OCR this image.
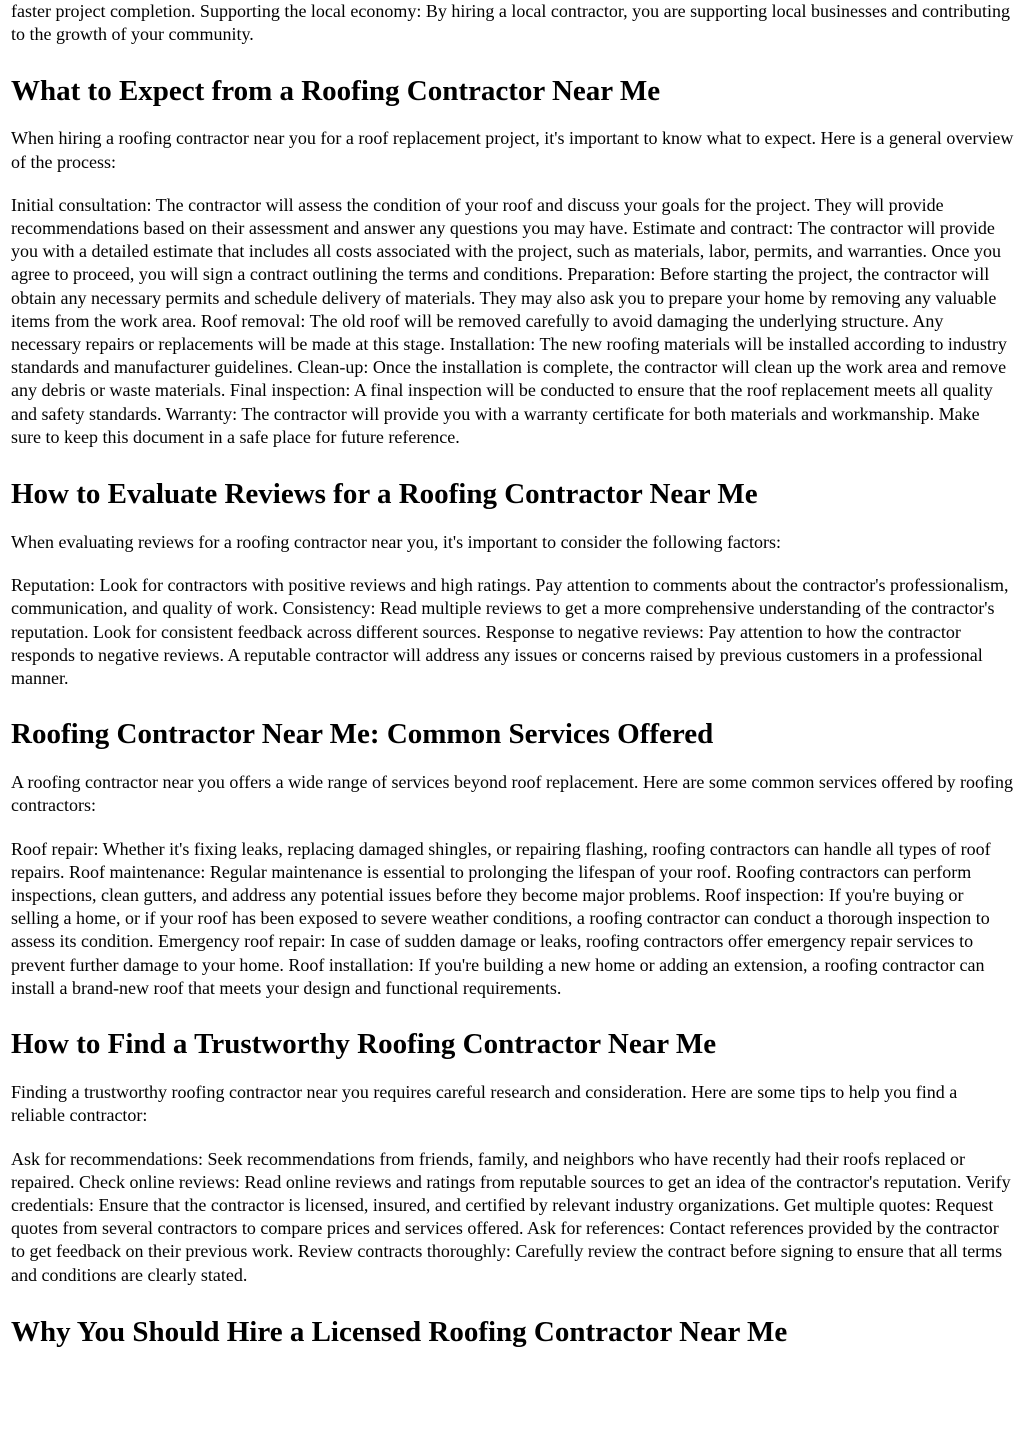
faster project completion. Supporting the local economy: By hiring a local contractor, you are supporting local businesses and contributing to the growth of your community.

What to Expect from a Roofing Contractor Near Me

When hiring a roofing contractor near you for a roof replacement project, it's important to know what to expect. Here is a general overview of the process:

Initial consultation: The contractor will assess the condition of your roof and discuss your goals for the project. They will provide recommendations based on their assessment and answer any questions you may have. Estimate and contract: The contractor will provide you with a detailed estimate that includes all costs associated with the project, such as materials, labor, permits, and warranties. Once you agree to proceed, you will sign a contract outlining the terms and conditions. Preparation: Before starting the project, the contractor will obtain any necessary permits and schedule delivery of materials. They may also ask you to prepare your home by removing any valuable items from the work area. Roof removal: The old roof will be removed carefully to avoid damaging the underlying structure. Any necessary repairs or replacements will be made at this stage. Installation: The new roofing materials will be installed according to industry standards and manufacturer guidelines. Clean-up: Once the installation is complete, the contractor will clean up the work area and remove any debris or waste materials. Final inspection: A final inspection will be conducted to ensure that the roof replacement meets all quality and safety standards. Warranty: The contractor will provide you with a warranty certificate for both materials and workmanship. Make sure to keep this document in a safe place for future reference.

How to Evaluate Reviews for a Roofing Contractor Near Me

When evaluating reviews for a roofing contractor near you, it's important to consider the following factors:

Reputation: Look for contractors with positive reviews and high ratings. Pay attention to comments about the contractor's professionalism, communication, and quality of work. Consistency: Read multiple reviews to get a more comprehensive understanding of the contractor's reputation. Look for consistent feedback across different sources. Response to negative reviews: Pay attention to how the contractor responds to negative reviews. A reputable contractor will address any issues or concerns raised by previous customers in a professional manner.

Roofing Contractor Near Me: Common Services Offered

A roofing contractor near you offers a wide range of services beyond roof replacement. Here are some common services offered by roofing contractors:

Roof repair: Whether it's fixing leaks, replacing damaged shingles, or repairing flashing, roofing contractors can handle all types of roof repairs. Roof maintenance: Regular maintenance is essential to prolonging the lifespan of your roof. Roofing contractors can perform inspections, clean gutters, and address any potential issues before they become major problems. Roof inspection: If you're buying or selling a home, or if your roof has been exposed to severe weather conditions, a roofing contractor can conduct a thorough inspection to assess its condition. Emergency roof repair: In case of sudden damage or leaks, roofing contractors offer emergency repair services to prevent further damage to your home. Roof installation: If you're building a new home or adding an extension, a roofing contractor can install a brand-new roof that meets your design and functional requirements.

How to Find a Trustworthy Roofing Contractor Near Me

Finding a trustworthy roofing contractor near you requires careful research and consideration. Here are some tips to help you find a reliable contractor:

Ask for recommendations: Seek recommendations from friends, family, and neighbors who have recently had their roofs replaced or repaired. Check online reviews: Read online reviews and ratings from reputable sources to get an idea of the contractor's reputation. Verify credentials: Ensure that the contractor is licensed, insured, and certified by relevant industry organizations. Get multiple quotes: Request quotes from several contractors to compare prices and services offered. Ask for references: Contact references provided by the contractor to get feedback on their previous work. Review contracts thoroughly: Carefully review the contract before signing to ensure that all terms and conditions are clearly stated.

Why You Should Hire a Licensed Roofing Contractor Near Me
